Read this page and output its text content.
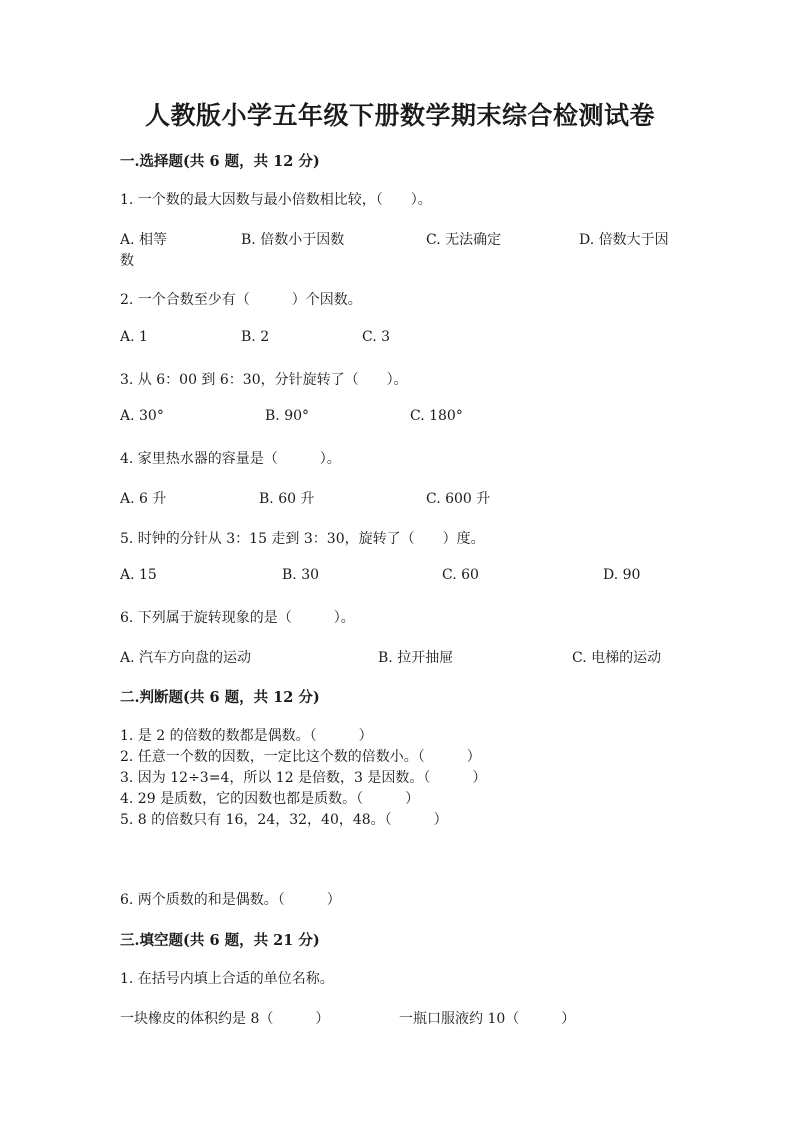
人教版小学五年级下册数学期末综合检测试卷
一.选择题(共 6 题，共 12 分)
1. 一个数的最大因数与最小倍数相比较，（　　）。
A. 相等	B. 倍数小于因数	C. 无法确定	D. 倍数大于因
数
2. 一个合数至少有（　　　）个因数。
A. 1	B. 2	C. 3
3. 从 6：00 到 6：30，分针旋转了（　　）。
A. 30°	B. 90°	C. 180°
4. 家里热水器的容量是（　　　）。
A. 6 升	B. 60 升	C. 600 升
5. 时钟的分针从 3：15 走到 3：30，旋转了（　　）度。
A. 15	B. 30	C. 60	D. 90
6. 下列属于旋转现象的是（　　　）。
A. 汽车方向盘的运动	B. 拉开抽屉	C. 电梯的运动
二.判断题(共 6 题，共 12 分)
1. 是 2 的倍数的数都是偶数。（　　　）
2. 任意一个数的因数，一定比这个数的倍数小。（　　　）
3. 因为 12÷3=4，所以 12 是倍数，3 是因数。（　　　）
4. 29 是质数，它的因数也都是质数。（　　　）
5. 8 的倍数只有 16，24，32，40，48。（　　　）
6. 两个质数的和是偶数。（　　　）
三.填空题(共 6 题，共 21 分)
1. 在括号内填上合适的单位名称。
一块橡皮的体积约是 8（　　　）	一瓶口服液约 10（　　　）
